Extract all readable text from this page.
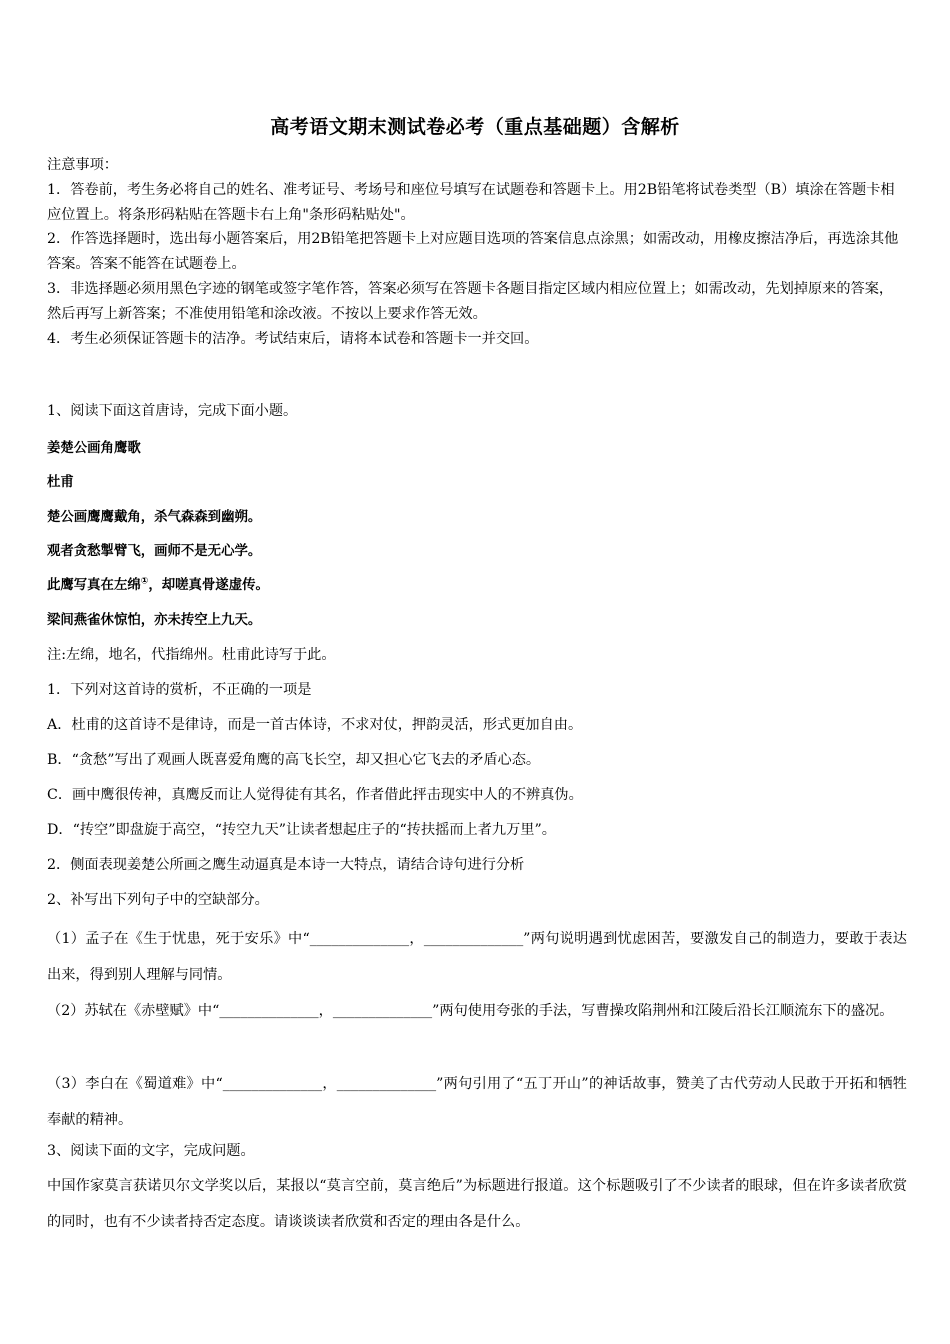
高考语文期末测试卷必考（重点基础题）含解析

注意事项：

1．答卷前，考生务必将自己的姓名、准考证号、考场号和座位号填写在试题卷和答题卡上。用2B铅笔将试卷类型（B）填涂在答题卡相应位置上。将条形码粘贴在答题卡右上角"条形码粘贴处"。

2．作答选择题时，选出每小题答案后，用2B铅笔把答题卡上对应题目选项的答案信息点涂黑；如需改动，用橡皮擦洁净后，再选涂其他答案。答案不能答在试题卷上。

3．非选择题必须用黑色字迹的钢笔或签字笔作答，答案必须写在答题卡各题目指定区域内相应位置上；如需改动，先划掉原来的答案，然后再写上新答案；不准使用铅笔和涂改液。不按以上要求作答无效。

4．考生必须保证答题卡的洁净。考试结束后，请将本试卷和答题卡一并交回。

1、阅读下面这首唐诗，完成下面小题。
姜楚公画角鹰歌
杜甫
楚公画鹰鹰戴角，杀气森森到幽朔。
观者贪愁掣臂飞，画师不是无心学。
此鹰写真在左绵①，却嗟真骨遂虚传。
梁间燕雀休惊怕，亦未抟空上九天。
注:左绵，地名，代指绵州。杜甫此诗写于此。
1．下列对这首诗的赏析，不正确的一项是
A．杜甫的这首诗不是律诗，而是一首古体诗，不求对仗，押韵灵活，形式更加自由。
B．“贪愁”写出了观画人既喜爱角鹰的高飞长空，却又担心它飞去的矛盾心态。
C．画中鹰很传神，真鹰反而让人觉得徒有其名，作者借此抨击现实中人的不辨真伪。
D．“抟空”即盘旋于高空，“抟空九天”让读者想起庄子的“抟扶摇而上者九万里”。
2．侧面表现姜楚公所画之鹰生动逼真是本诗一大特点，请结合诗句进行分析
2、补写出下列句子中的空缺部分。
（1）孟子在《生于忧患，死于安乐》中“______________，______________”两句说明遇到忧虑困苦，要激发自己的制造力，要敢于表达出来，得到别人理解与同情。
（2）苏轼在《赤壁赋》中“______________，______________”两句使用夸张的手法，写曹操攻陷荆州和江陵后沿长江顺流东下的盛况。
（3）李白在《蜀道难》中“______________，______________”两句引用了“五丁开山”的神话故事，赞美了古代劳动人民敢于开拓和牺牲奉献的精神。
3、阅读下面的文字，完成问题。
中国作家莫言获诺贝尔文学奖以后，某报以“莫言空前，莫言绝后”为标题进行报道。这个标题吸引了不少读者的眼球，但在许多读者欣赏的同时，也有不少读者持否定态度。请谈谈读者欣赏和否定的理由各是什么。
